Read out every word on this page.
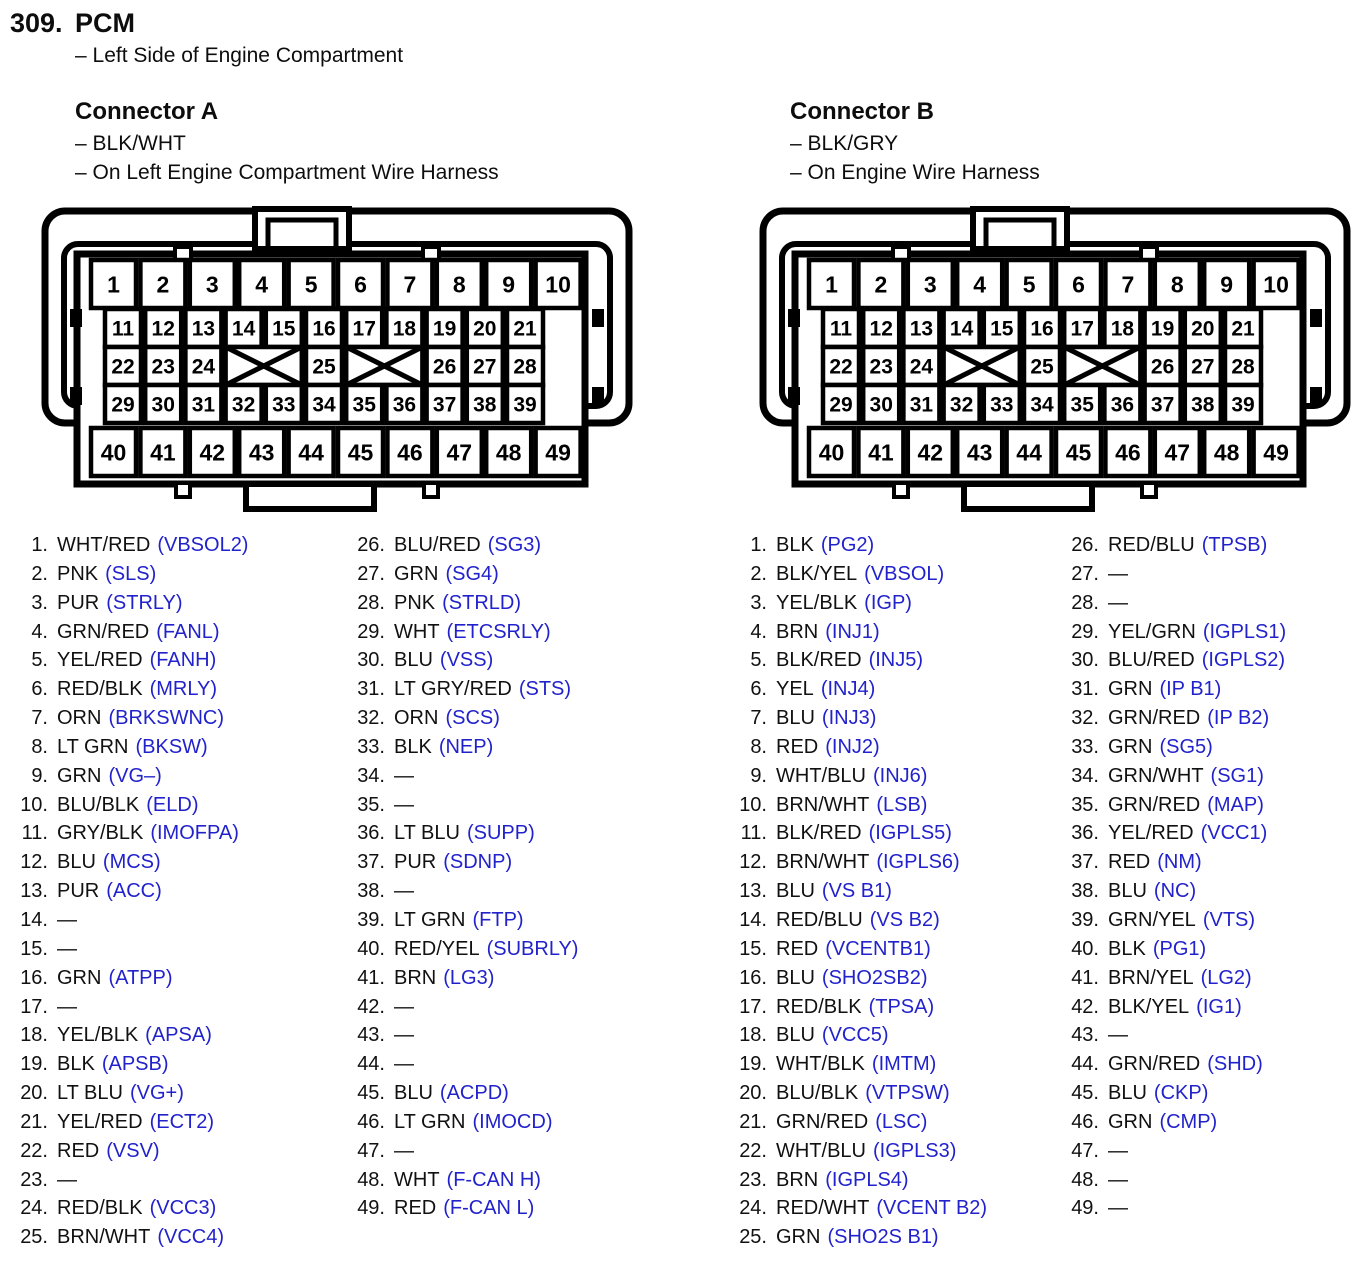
309. PCM
– Left Side of Engine Compartment
Connector A
– BLK/WHT
– On Left Engine Compartment Wire Harness
Connector B
– BLK/GRY
– On Engine Wire Harness
1 2 3 4 5 6 7 8 9 10
11 12 13 14 15 16 17 18 19 20 21
22 23 24	25	26 27 28
29 30 31 32 33 34 35 36 37 38 39
40 41 42 43 44 45 46 47 48 49
1 2 3 4 5 6 7 8 9 10
11 12 13 14 15 16 17 18 19 20 21
22 23 24	25	26 27 28
29 30 31 32 33 34 35 36 37 38 39
40 41 42 43 44 45 46 47 48 49
1. WHT/RED (VBSOL2)
2. PNK (SLS)
3. PUR (STRLY)
4. GRN/RED (FANL)
5. YEL/RED (FANH)
6. RED/BLK (MRLY)
7. ORN (BRKSWNC)
8. LT GRN (BKSW)
9. GRN (VG–)
10. BLU/BLK (ELD)
11. GRY/BLK (IMOFPA)
12. BLU (MCS)
13. PUR (ACC)
14. —
15. —
16. GRN (ATPP)
17. —
18. YEL/BLK (APSA)
19. BLK (APSB)
20. LT BLU (VG+)
21. YEL/RED (ECT2)
22. RED (VSV)
23. —
24. RED/BLK (VCC3)
25. BRN/WHT (VCC4)
26. BLU/RED (SG3)
27. GRN (SG4)
28. PNK (STRLD)
29. WHT (ETCSRLY)
30. BLU (VSS)
31. LT GRY/RED (STS)
32. ORN (SCS)
33. BLK (NEP)
34. —
35. —
36. LT BLU (SUPP)
37. PUR (SDNP)
38. —
39. LT GRN (FTP)
40. RED/YEL (SUBRLY)
41. BRN (LG3)
42. —
43. —
44. —
45. BLU (ACPD)
46. LT GRN (IMOCD)
47. —
48. WHT (F-CAN H)
49. RED (F-CAN L)
1. BLK (PG2)
2. BLK/YEL (VBSOL)
3. YEL/BLK (IGP)
4. BRN (INJ1)
5. BLK/RED (INJ5)
6. YEL (INJ4)
7. BLU (INJ3)
8. RED (INJ2)
9. WHT/BLU (INJ6)
10. BRN/WHT (LSB)
11. BLK/RED (IGPLS5)
12. BRN/WHT (IGPLS6)
13. BLU (VS B1)
14. RED/BLU (VS B2)
15. RED (VCENTB1)
16. BLU (SHO2SB2)
17. RED/BLK (TPSA)
18. BLU (VCC5)
19. WHT/BLK (IMTM)
20. BLU/BLK (VTPSW)
21. GRN/RED (LSC)
22. WHT/BLU (IGPLS3)
23. BRN (IGPLS4)
24. RED/WHT (VCENT B2)
25. GRN (SHO2S B1)
26. RED/BLU (TPSB)
27. —
28. —
29. YEL/GRN (IGPLS1)
30. BLU/RED (IGPLS2)
31. GRN (IP B1)
32. GRN/RED (IP B2)
33. GRN (SG5)
34. GRN/WHT (SG1)
35. GRN/RED (MAP)
36. YEL/RED (VCC1)
37. RED (NM)
38. BLU (NC)
39. GRN/YEL (VTS)
40. BLK (PG1)
41. BRN/YEL (LG2)
42. BLK/YEL (IG1)
43. —
44. GRN/RED (SHD)
45. BLU (CKP)
46. GRN (CMP)
47. —
48. —
49. —
